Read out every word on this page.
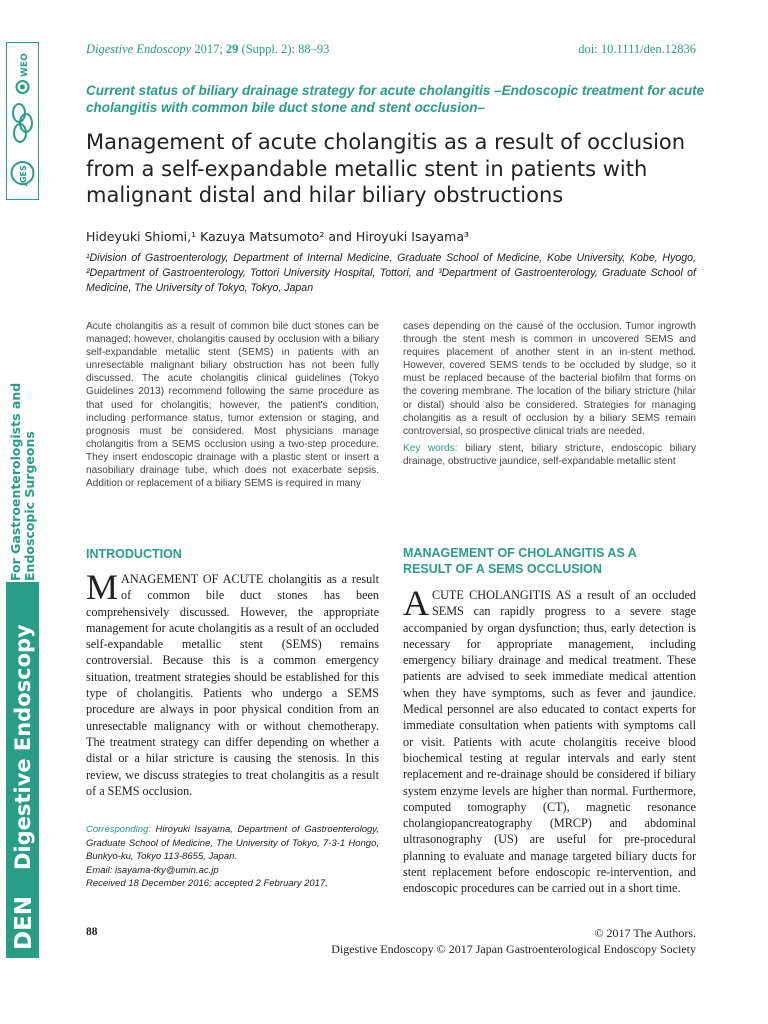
WEO
JGES
For Gastroenterologists and Endoscopic Surgeons
Digestive Endoscopy
DEN
Digestive Endoscopy 2017; 29 (Suppl. 2): 88–93	doi: 10.1111/den.12836
Current status of biliary drainage strategy for acute cholangitis –Endoscopic treatment for acute cholangitis with common bile duct stone and stent occlusion–
Management of acute cholangitis as a result of occlusion from a self-expandable metallic stent in patients with malignant distal and hilar biliary obstructions
Hideyuki Shiomi,¹ Kazuya Matsumoto² and Hiroyuki Isayama³
¹Division of Gastroenterology, Department of Internal Medicine, Graduate School of Medicine, Kobe University, Kobe, Hyogo, ²Department of Gastroenterology, Tottori University Hospital, Tottori, and ³Department of Gastroenterology, Graduate School of Medicine, The University of Tokyo, Tokyo, Japan
Acute cholangitis as a result of common bile duct stones can be managed; however, cholangitis caused by occlusion with a biliary self-expandable metallic stent (SEMS) in patients with an unresectable malignant biliary obstruction has not been fully discussed. The acute cholangitis clinical guidelines (Tokyo Guidelines 2013) recommend following the same procedure as that used for cholangitis; however, the patient's condition, including performance status, tumor extension or staging, and prognosis must be considered. Most physicians manage cholangitis from a SEMS occlusion using a two-step procedure. They insert endoscopic drainage with a plastic stent or insert a nasobiliary drainage tube, which does not exacerbate sepsis. Addition or replacement of a biliary SEMS is required in many
cases depending on the cause of the occlusion. Tumor ingrowth through the stent mesh is common in uncovered SEMS and requires placement of another stent in an in-stent method. However, covered SEMS tends to be occluded by sludge, so it must be replaced because of the bacterial biofilm that forms on the covering membrane. The location of the biliary stricture (hilar or distal) should also be considered. Strategies for managing cholangitis as a result of occlusion by a biliary SEMS remain controversial, so prospective clinical trials are needed.
Key words: biliary stent, biliary stricture, endoscopic biliary drainage, obstructive jaundice, self-expandable metallic stent
INTRODUCTION
MANAGEMENT OF ACUTE cholangitis as a result of common bile duct stones has been comprehensively discussed. However, the appropriate management for acute cholangitis as a result of an occluded self-expandable metallic stent (SEMS) remains controversial. Because this is a common emergency situation, treatment strategies should be established for this type of cholangitis. Patients who undergo a SEMS procedure are always in poor physical condition from an unresectable malignancy with or without chemotherapy. The treatment strategy can differ depending on whether a distal or a hilar stricture is causing the stenosis. In this review, we discuss strategies to treat cholangitis as a result of a SEMS occlusion.
MANAGEMENT OF CHOLANGITIS AS A RESULT OF A SEMS OCCLUSION
ACUTE CHOLANGITIS AS a result of an occluded SEMS can rapidly progress to a severe stage accompanied by organ dysfunction; thus, early detection is necessary for appropriate management, including emergency biliary drainage and medical treatment. These patients are advised to seek immediate medical attention when they have symptoms, such as fever and jaundice. Medical personnel are also educated to contact experts for immediate consultation when patients with symptoms call or visit. Patients with acute cholangitis receive blood biochemical testing at regular intervals and early stent replacement and re-drainage should be considered if biliary system enzyme levels are higher than normal. Furthermore, computed tomography (CT), magnetic resonance cholangiopancreatography (MRCP) and abdominal ultrasonography (US) are useful for pre-procedural planning to evaluate and manage targeted biliary ducts for stent replacement before endoscopic re-intervention, and endoscopic procedures can be carried out in a short time.
Corresponding: Hiroyuki Isayama, Department of Gastroenterology, Graduate School of Medicine, The University of Tokyo, 7-3-1 Hongo, Bunkyo-ku, Tokyo 113-8655, Japan.
Email: isayama-tky@umin.ac.jp
Received 18 December 2016; accepted 2 February 2017.
88	© 2017 The Authors.
Digestive Endoscopy © 2017 Japan Gastroenterological Endoscopy Society
